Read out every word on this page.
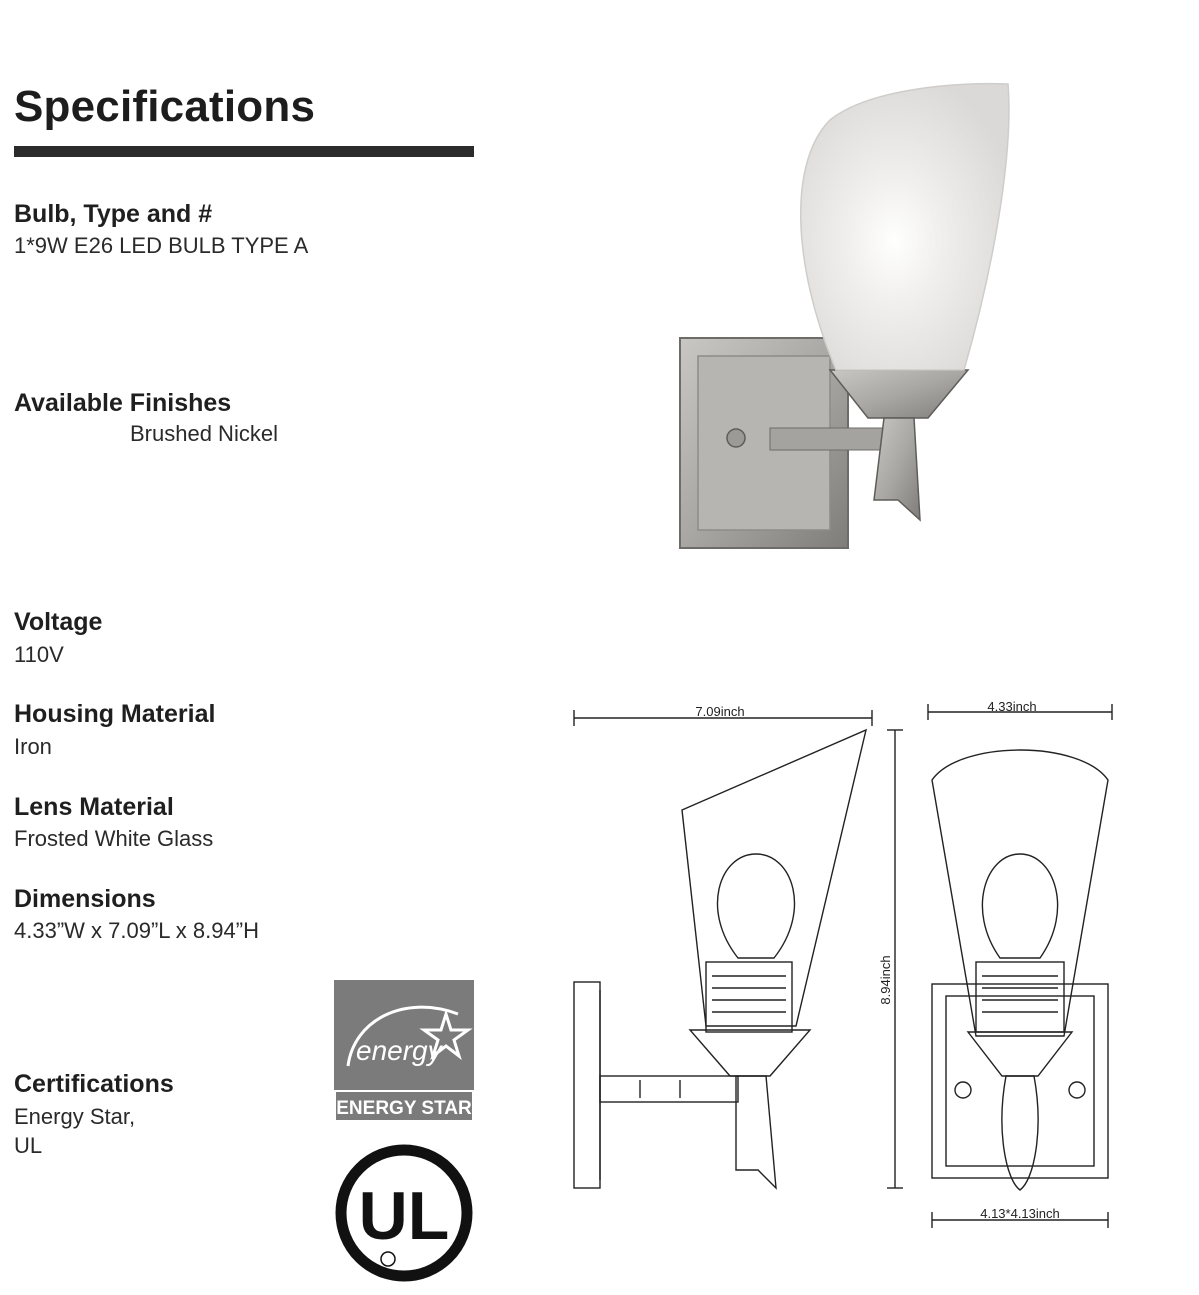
Specifications
Bulb, Type and #
1*9W E26 LED BULB TYPE A
Available Finishes
Brushed Nickel
Voltage
110V
Housing Material
Iron
Lens Material
Frosted White Glass
Dimensions
4.33”W x 7.09”L x 8.94”H
Certifications
Energy Star,
UL
energy
ENERGY STAR
UL
7.09inch
8.94inch
4.33inch
4.13*4.13inch
